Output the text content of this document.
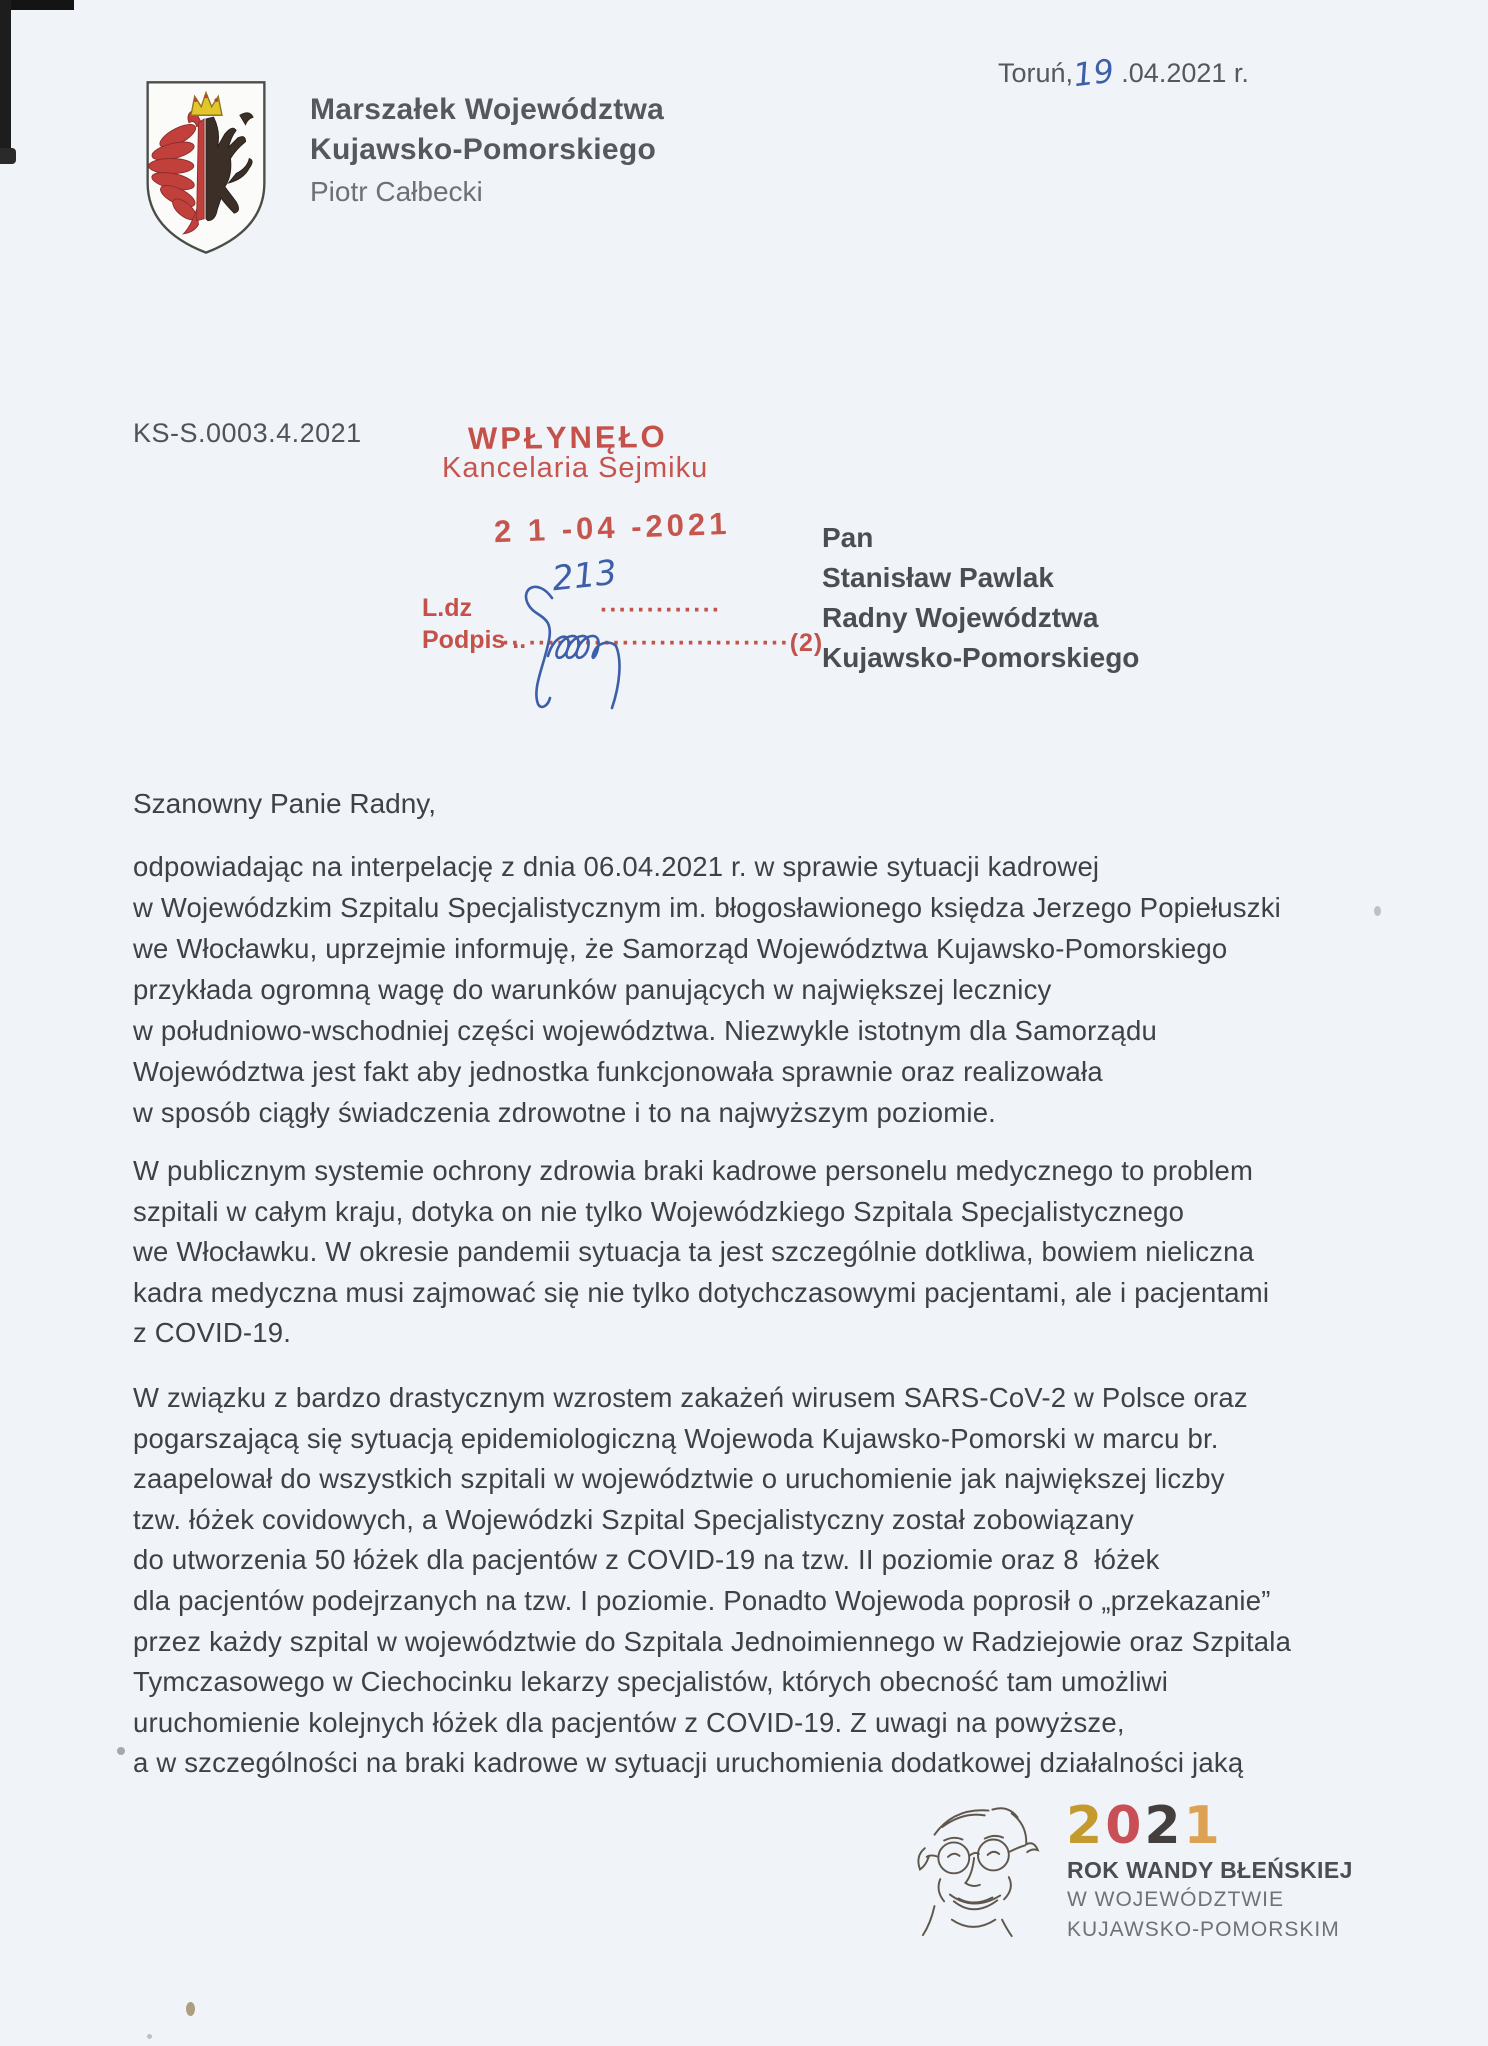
Marszałek Województwa
Kujawsko-Pomorskiego
Piotr Całbecki
Toruń,19 .04.2021 r.
KS-S.0003.4.2021	WPŁYNĘŁO
Kancelaria Sejmiku
2 1 -04 -2021
L.dz	·············
Podpis ..
·· ····························(2)
213
Pan
Stanisław Pawlak
Radny Województwa
Kujawsko-Pomorskiego
Szanowny Panie Radny,
odpowiadając na interpelację z dnia 06.04.2021 r. w sprawie sytuacji kadrowej
w Wojewódzkim Szpitalu Specjalistycznym im. błogosławionego księdza Jerzego Popiełuszki
we Włocławku, uprzejmie informuję, że Samorząd Województwa Kujawsko-Pomorskiego
przykłada ogromną wagę do warunków panujących w największej lecznicy
w południowo-wschodniej części województwa. Niezwykle istotnym dla Samorządu
Województwa jest fakt aby jednostka funkcjonowała sprawnie oraz realizowała
w sposób ciągły świadczenia zdrowotne i to na najwyższym poziomie.
W publicznym systemie ochrony zdrowia braki kadrowe personelu medycznego to problem
szpitali w całym kraju, dotyka on nie tylko Wojewódzkiego Szpitala Specjalistycznego
we Włocławku. W okresie pandemii sytuacja ta jest szczególnie dotkliwa, bowiem nieliczna
kadra medyczna musi zajmować się nie tylko dotychczasowymi pacjentami, ale i pacjentami
z COVID-19.
W związku z bardzo drastycznym wzrostem zakażeń wirusem SARS-CoV-2 w Polsce oraz
pogarszającą się sytuacją epidemiologiczną Wojewoda Kujawsko-Pomorski w marcu br.
zaapelował do wszystkich szpitali w województwie o uruchomienie jak największej liczby
tzw. łóżek covidowych, a Wojewódzki Szpital Specjalistyczny został zobowiązany
do utworzenia 50 łóżek dla pacjentów z COVID-19 na tzw. II poziomie oraz 8  łóżek
dla pacjentów podejrzanych na tzw. I poziomie. Ponadto Wojewoda poprosił o „przekazanie”
przez każdy szpital w województwie do Szpitala Jednoimiennego w Radziejowie oraz Szpitala
Tymczasowego w Ciechocinku lekarzy specjalistów, których obecność tam umożliwi
uruchomienie kolejnych łóżek dla pacjentów z COVID-19. Z uwagi na powyższe,
a w szczególności na braki kadrowe w sytuacji uruchomienia dodatkowej działalności jaką
2021
ROK WANDY BŁEŃSKIEJ
W WOJEWÓDZTWIE
KUJAWSKO-POMORSKIM
